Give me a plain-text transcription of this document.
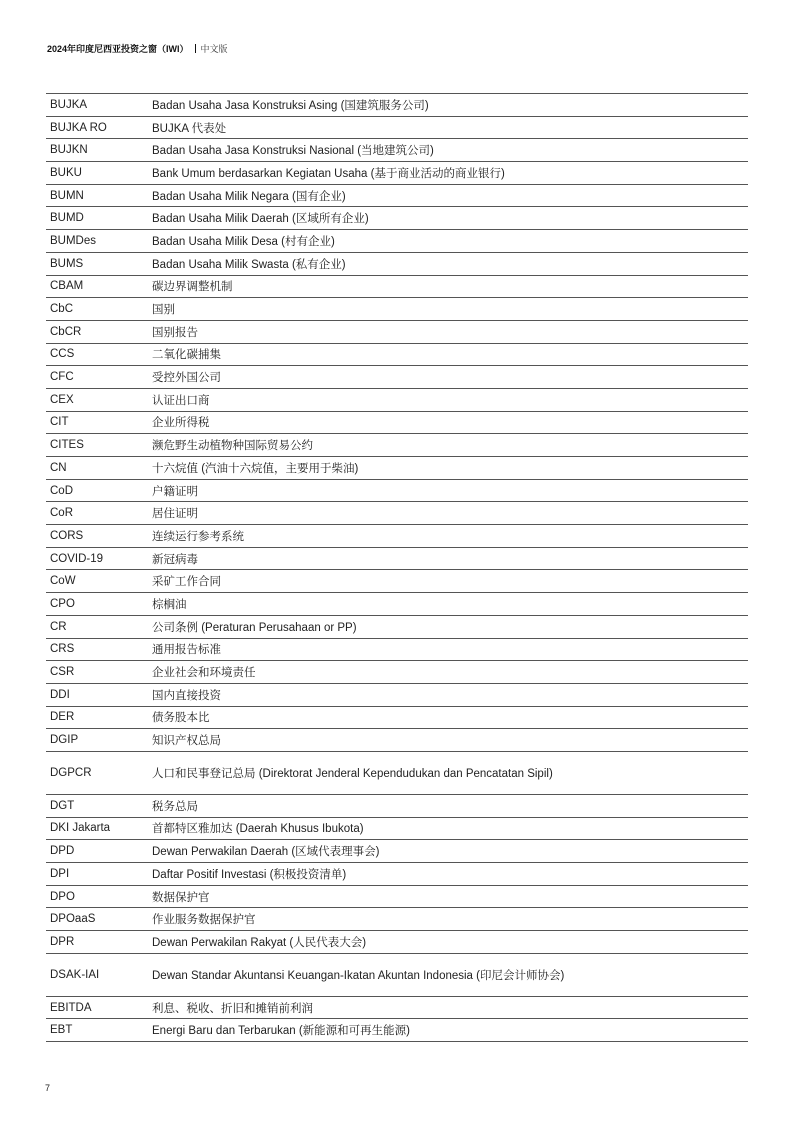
2024年印度尼西亚投资之窗（IWI） 中文版
BUJKA	Badan Usaha Jasa Konstruksi Asing (国建筑服务公司)
BUJKA RO	BUJKA 代表处
BUJKN	Badan Usaha Jasa Konstruksi Nasional (当地建筑公司)
BUKU	Bank Umum berdasarkan Kegiatan Usaha (基于商业活动的商业银行)
BUMN	Badan Usaha Milik Negara (国有企业)
BUMD	Badan Usaha Milik Daerah (区域所有企业)
BUMDes	Badan Usaha Milik Desa (村有企业)
BUMS	Badan Usaha Milik Swasta (私有企业)
CBAM	碳边界调整机制
CbC	国别
CbCR	国别报告
CCS	二氧化碳捕集
CFC	受控外国公司
CEX	认证出口商
CIT	企业所得税
CITES	濒危野生动植物种国际贸易公约
CN	十六烷值 (汽油十六烷值，主要用于柴油)
CoD	户籍证明
CoR	居住证明
CORS	连续运行参考系统
COVID-19	新冠病毒
CoW	采矿工作合同
CPO	棕榈油
CR	公司条例 (Peraturan Perusahaan or PP)
CRS	通用报告标准
CSR	企业社会和环境责任
DDI	国内直接投资
DER	债务股本比
DGIP	知识产权总局
DGPCR	人口和民事登记总局 (Direktorat Jenderal Kependudukan dan Pencatatan Sipil)
DGT	税务总局
DKI Jakarta	首都特区雅加达 (Daerah Khusus Ibukota)
DPD	Dewan Perwakilan Daerah (区域代表理事会)
DPI	Daftar Positif Investasi (积极投资清单)
DPO	数据保护官
DPOaaS	作业服务数据保护官
DPR	Dewan Perwakilan Rakyat (人民代表大会)
DSAK-IAI	Dewan Standar Akuntansi Keuangan-Ikatan Akuntan Indonesia (印尼会计师协会)
EBITDA	利息、税收、折旧和摊销前利润
EBT	Energi Baru dan Terbarukan (新能源和可再生能源)
7
